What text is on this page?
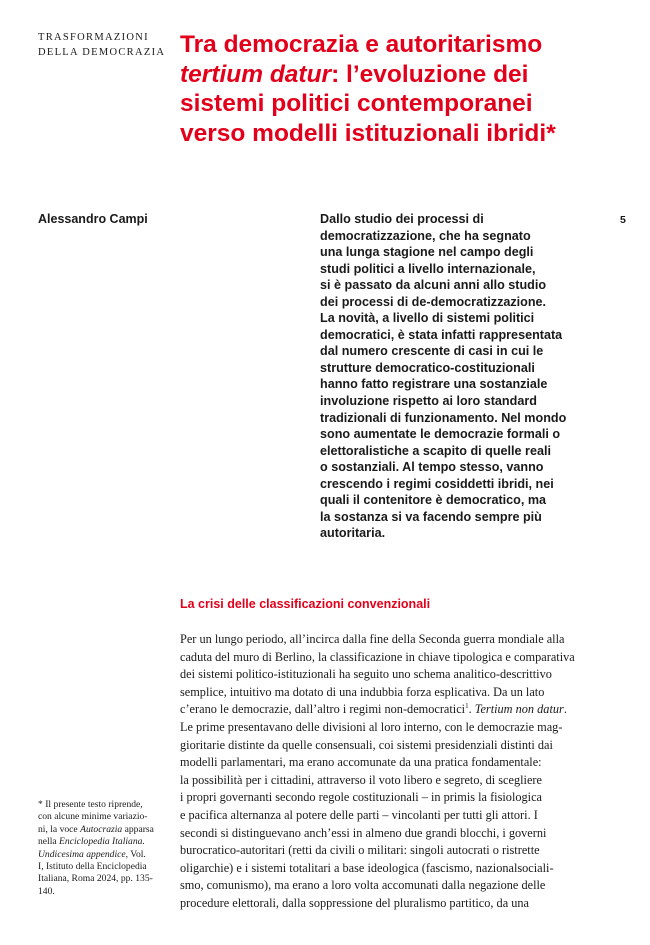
TRASFORMAZIONI
DELLA DEMOCRAZIA Tra democrazia e autoritarismo
tertium datur: l’evoluzione dei
sistemi politici contemporanei
verso modelli istituzionali ibridi*
Alessandro Campi	5
Dallo studio dei processi di
democratizzazione, che ha segnato
una lunga stagione nel campo degli
studi politici a livello internazionale,
si è passato da alcuni anni allo studio
dei processi di de-democratizzazione.
La novità, a livello di sistemi politici
democratici, è stata infatti rappresentata
dal numero crescente di casi in cui le
strutture democratico-costituzionali
hanno fatto registrare una sostanziale
involuzione rispetto ai loro standard
tradizionali di funzionamento. Nel mondo
sono aumentate le democrazie formali o
elettoralistiche a scapito di quelle reali
o sostanziali. Al tempo stesso, vanno
crescendo i regimi cosiddetti ibridi, nei
quali il contenitore è democratico, ma
la sostanza si va facendo sempre più
autoritaria.
La crisi delle classificazioni convenzionali
Per un lungo periodo, all’incirca dalla fine della Seconda guerra mondiale alla
caduta del muro di Berlino, la classificazione in chiave tipologica e comparativa
dei sistemi politico-istituzionali ha seguito uno schema analitico-descrittivo
semplice, intuitivo ma dotato di una indubbia forza esplicativa. Da un lato
c’erano le democrazie, dall’altro i regimi non-democratici$^1$. Tertium non datur.
Le prime presentavano delle divisioni al loro interno, con le democrazie mag-
gioritarie distinte da quelle consensuali, coi sistemi presidenziali distinti dai
modelli parlamentari, ma erano accomunate da una pratica fondamentale:
la possibilità per i cittadini, attraverso il voto libero e segreto, di scegliere
i propri governanti secondo regole costituzionali – in primis la fisiologica
e pacifica alternanza al potere delle parti – vincolanti per tutti gli attori. I
secondi si distinguevano anch’essi in almeno due grandi blocchi, i governi
burocratico-autoritari (retti da civili o militari: singoli autocrati o ristrette
oligarchie) e i sistemi totalitari a base ideologica (fascismo, nazionalsociali-
smo, comunismo), ma erano a loro volta accomunati dalla negazione delle
procedure elettorali, dalla soppressione del pluralismo partitico, da una
* Il presente testo riprende,
con alcune minime variazio-
ni, la voce Autocrazia apparsa
nella Enciclopedia Italiana.
Undicesima appendice, Vol.
I, Istituto della Enciclopedia
Italiana, Roma 2024, pp. 135-
140.
